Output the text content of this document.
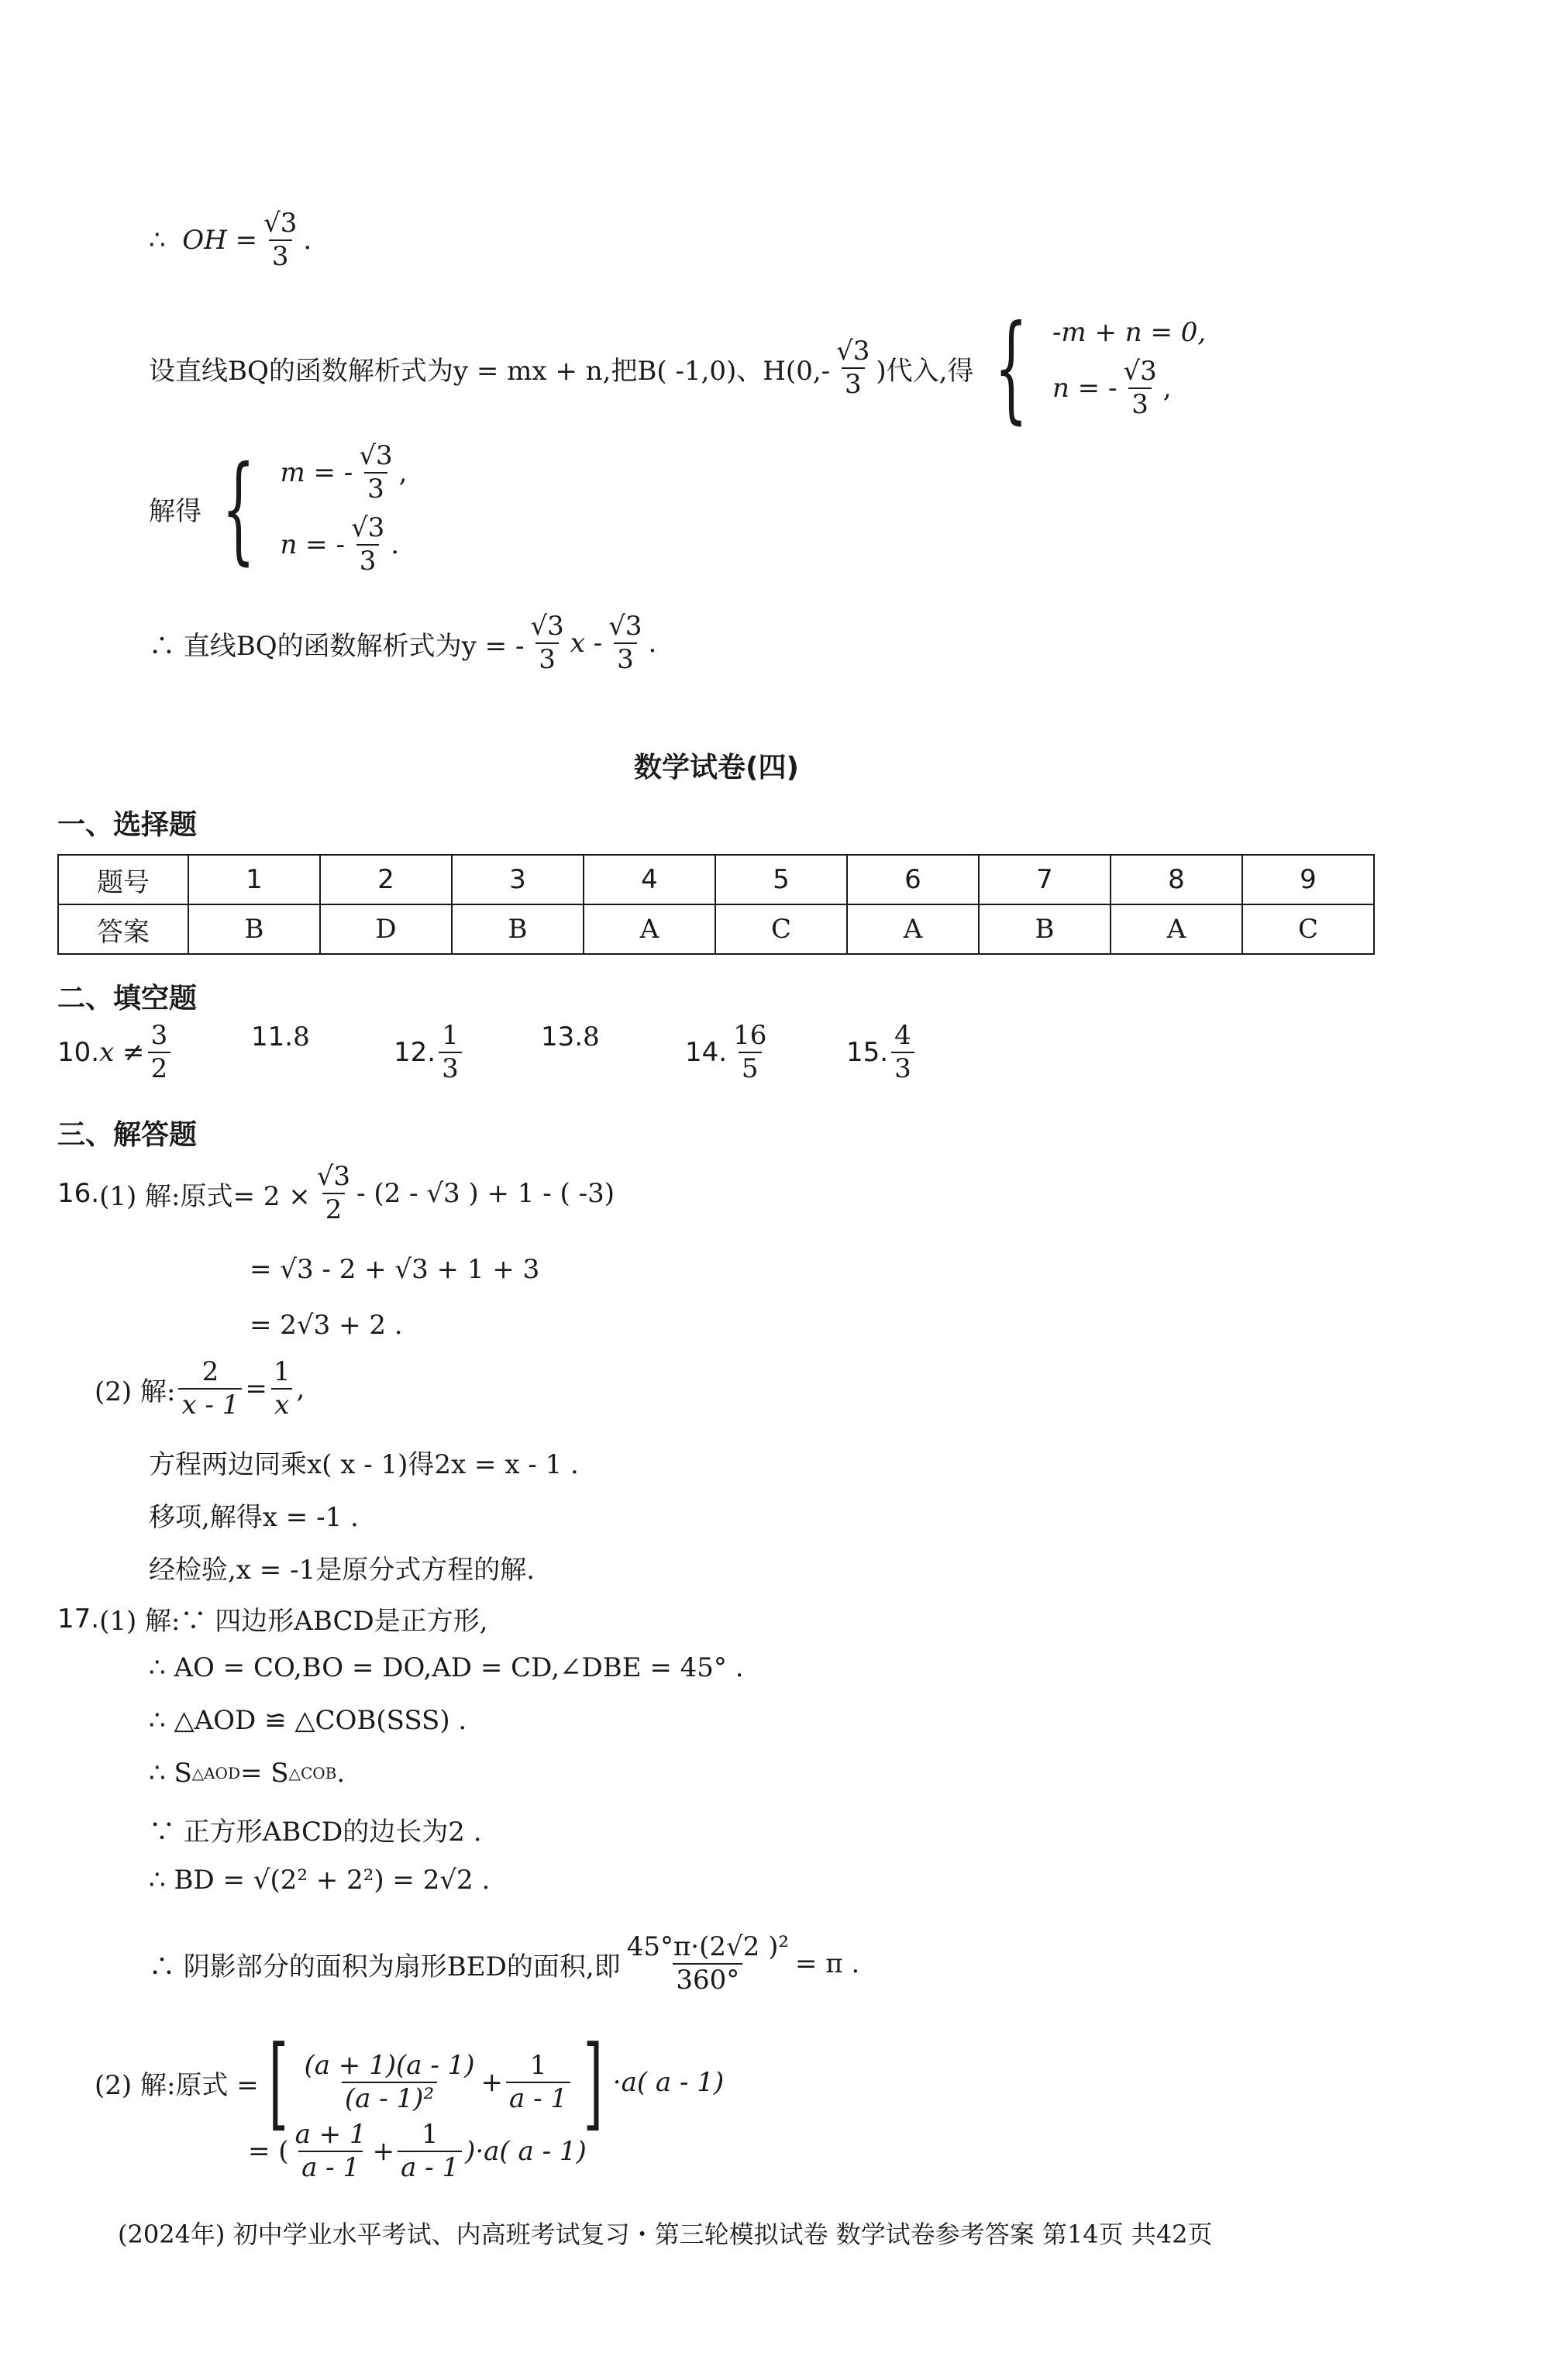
∴
OH = $\frac{√3}{3}$ .
设直线BQ的函数解析式为y = mx + n,把B( -1,0)、$H(0,- \frac{√3}{3}$ )代入,得 { -m + n = 0,
n = - $\frac{√3}{3}$ ,
解得 { m = - $\frac{√3}{3}$ ,
n = - $\frac{√3}{3}$ .
∴ 直线BQ的函数解析式为y = - $\frac{√3}{3}$ x - $\frac{√3}{3}$ .
数学试卷(四)
一、选择题
题号	1	2	3	4	5	6	7	8	9
答案	B	D	B	A	C	A	B	A	C
二、填空题
10. $x \ne \frac{3}{2}$	11. 8
12. $\frac{1}{3}$	13. 8
14. $\frac{16}{5}$	15. $\frac{4}{3}$
三、解答题
16. (1) 解:原式= $2 \times \frac{√3}{2} - (2 - √3$ ) + 1 - ( -3)
= √3 - 2 + √3 + 1 + 3
= 2√3 + 2 .
(2) 解: $\frac{2}{x - 1} = \frac{1}{x}$ ,
方程两边同乘x( x - 1)得2x = x - 1 .
移项,解得x = -1 .
经检验,x = -1是原分式方程的解.
17. (1) 解:∵ 四边形ABCD是正方形,
∴ AO = CO,BO = DO,AD = CD,∠DBE = 45° .
∴ △AOD ≌ △COB(SSS) .
∴ S △AOD = S △COB .
∵ 正方形ABCD的边长为2 .
∴ BD = √(2² + 2²) = 2√2 .
∴ 阴影部分的面积为扇形BED的面积,即 $\frac{\text{45°π·(2√2 )²}}{360^\circ} = \pi$ .
(2) 解:原式 = [ $\frac{(a + 1)(a - 1)}{\text{(a - 1)²}} + \frac{1}{a - 1}$ ] ·a( a - 1)
= ( $\frac{a + 1}{a - 1} + \frac{1}{a - 1} )\cdot a$( a - 1)
(2024年) 初中学业水平考试、内高班考试复习・第三轮模拟试卷 数学试卷参考答案 第14页 共42页
